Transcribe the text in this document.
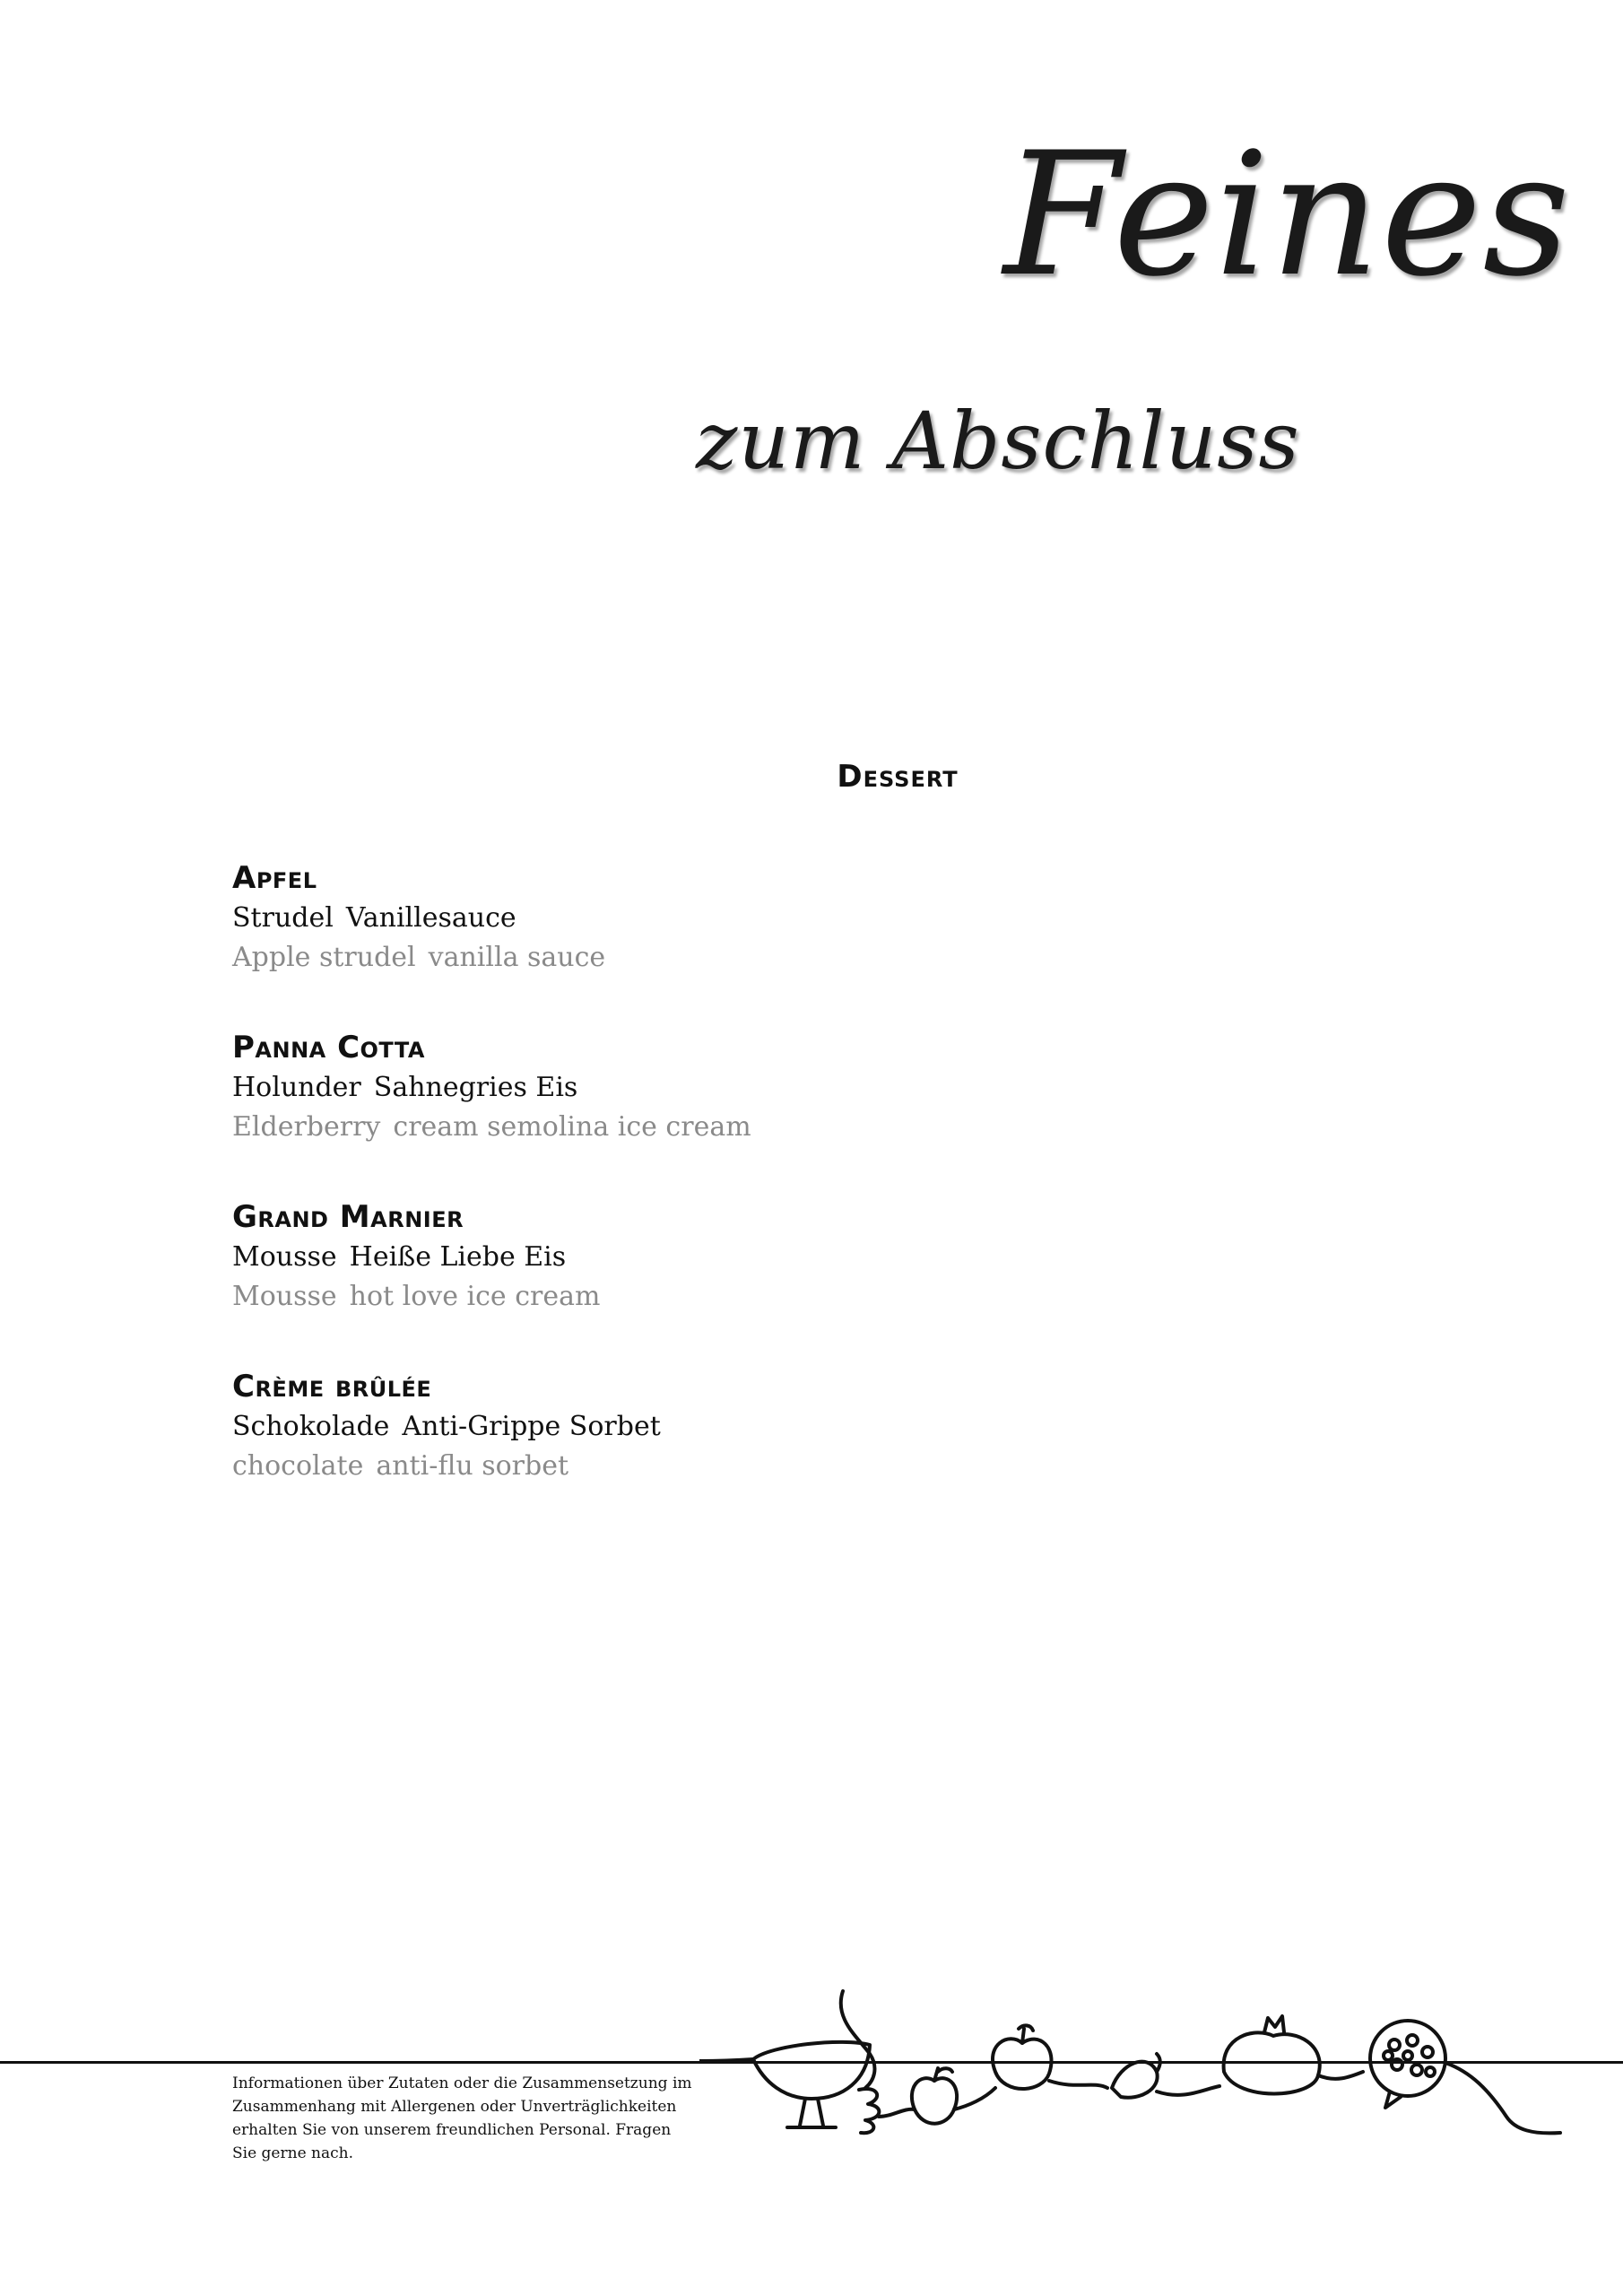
Feines
zum Abschluss
Dessert

Apfel

Strudel Vanillesauce

Apple strudel vanilla sauce

Panna Cotta

Holunder Sahnegries Eis

Elderberry cream semolina ice cream

Grand Marnier

Mousse Heiße Liebe Eis

Mousse hot love ice cream

Crème brûlée

Schokolade Anti-Grippe Sorbet

chocolate anti-flu sorbet

Informationen über Zutaten oder die Zusammensetzung im Zusammenhang mit Allergenen oder Unverträglichkeiten erhalten Sie von unserem freundlichen Personal. Fragen Sie gerne nach.
